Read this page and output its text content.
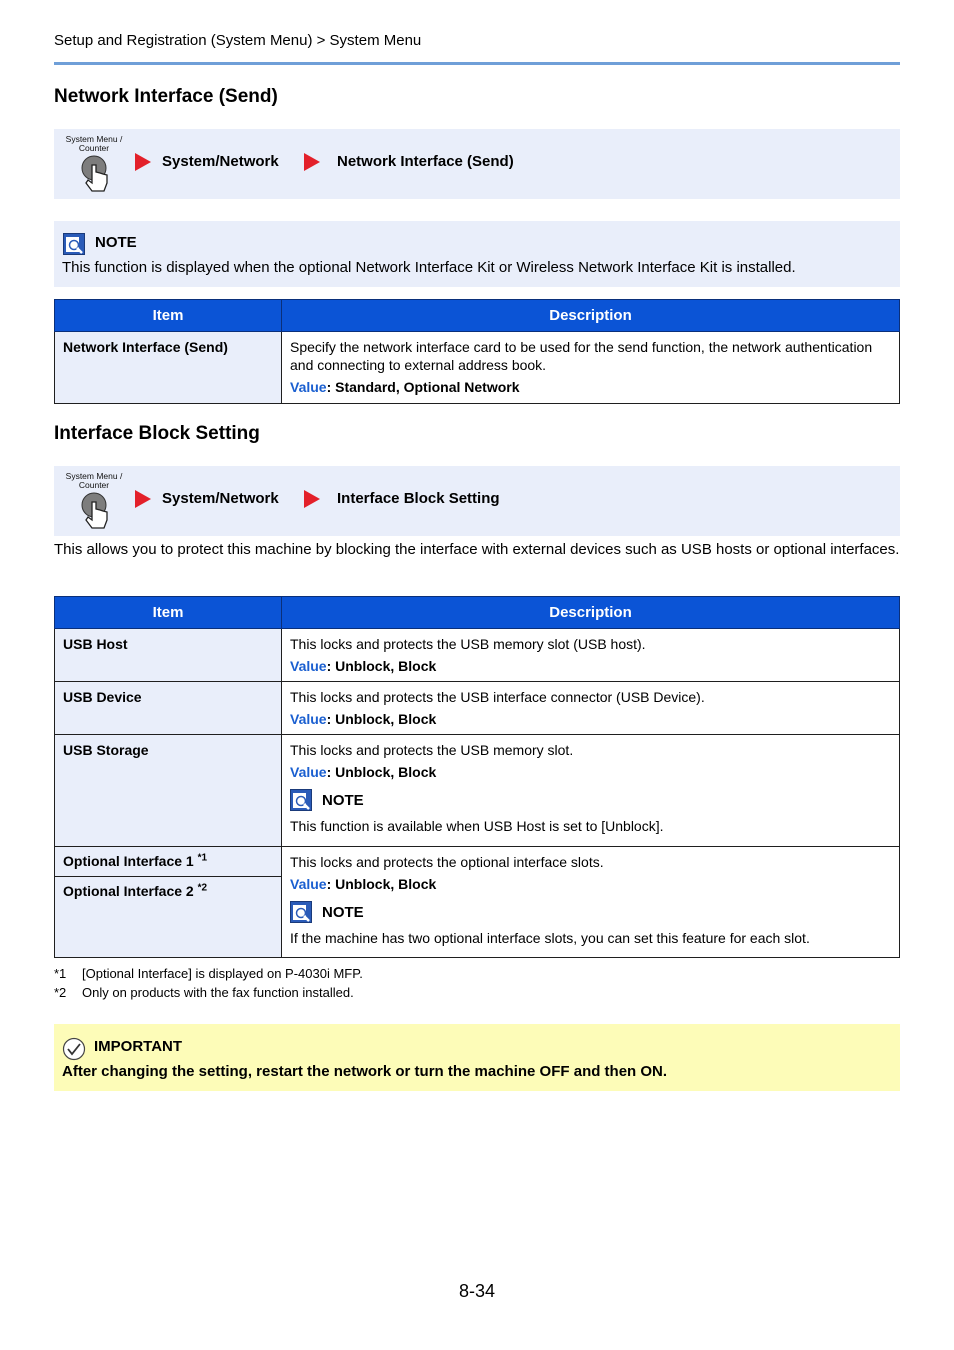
Setup and Registration (System Menu) > System Menu
Network Interface (Send)
System Menu / Counter
System/Network	Network Interface (Send)
NOTE
This function is displayed when the optional Network Interface Kit or Wireless Network Interface Kit is installed.
Item	Description
Network Interface (Send)	Specify the network interface card to be used for the send function, the network authentication and connecting to external address book.
Value: Standard, Optional Network
Interface Block Setting
System Menu / Counter
System/Network	Interface Block Setting
This allows you to protect this machine by blocking the interface with external devices such as USB hosts or optional interfaces.
Item	Description
USB Host	This locks and protects the USB memory slot (USB host).
Value: Unblock, Block

USB Device	This locks and protects the USB interface connector (USB Device).
Value: Unblock, Block

USB Storage	This locks and protects the USB memory slot.
Value: Unblock, Block
NOTE
This function is available when USB Host is set to [Unblock].

Optional Interface 1 $^{*1}$	This locks and protects the optional interface slots.
Value: Unblock, Block
NOTE
If the machine has two optional interface slots, you can set this feature for each slot.

Optional Interface 2 $^{*2}$
*1 [Optional Interface] is displayed on P-4030i MFP.
*2 Only on products with the fax function installed.
IMPORTANT
After changing the setting, restart the network or turn the machine OFF and then ON.
8-34
